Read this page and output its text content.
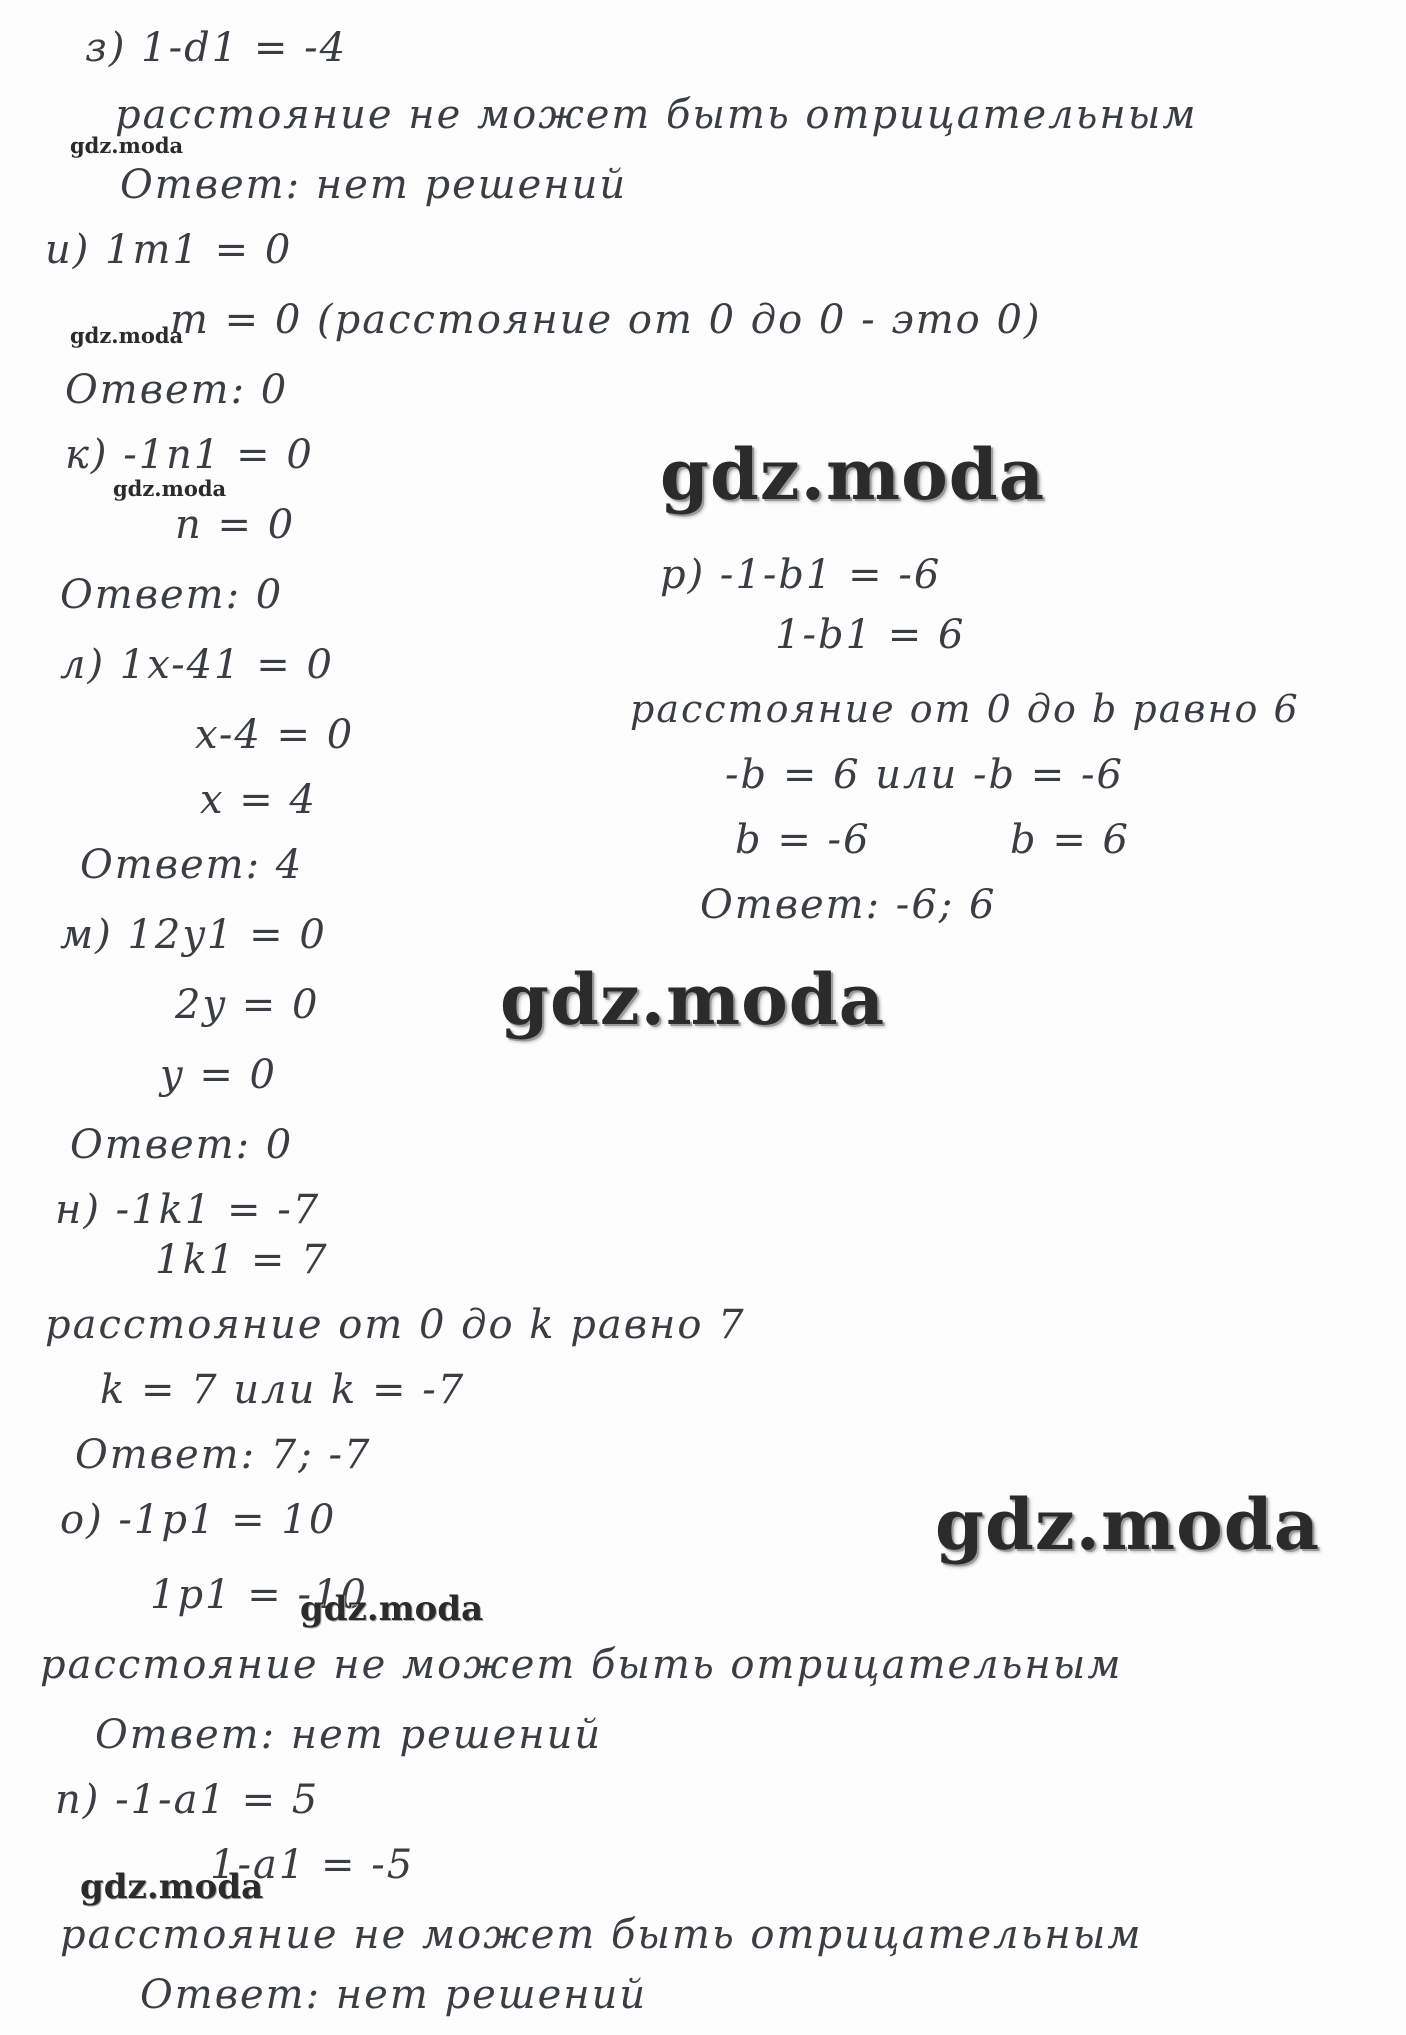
з) 1-d1 = -4
расстояние не может быть отрицательным
Ответ: нет решений
и) 1m1 = 0
m = 0 (расстояние от 0 до 0 - это 0)
Ответ: 0
к) -1n1 = 0
n = 0
Ответ: 0
л) 1x-41 = 0
x-4 = 0
x = 4
Ответ: 4
м) 12y1 = 0
2y = 0
y = 0
Ответ: 0
н) -1k1 = -7
1k1 = 7
расстояние от 0 до k равно 7
k = 7 или k = -7
Ответ: 7; -7
о) -1p1 = 10
1p1 = -10
расстояние не может быть отрицательным
Ответ: нет решений
п) -1-a1 = 5
1-a1 = -5
расстояние не может быть отрицательным
Ответ: нет решений
р) -1-b1 = -6
1-b1 = 6
расстояние от 0 до b равно 6
-b = 6 или -b = -6
b = -6	b = 6
Ответ: -6; 6
gdz.moda
gdz.moda
gdz.moda	gdz.moda
gdz.moda
gdz.moda
gdz.moda
gdz.moda
